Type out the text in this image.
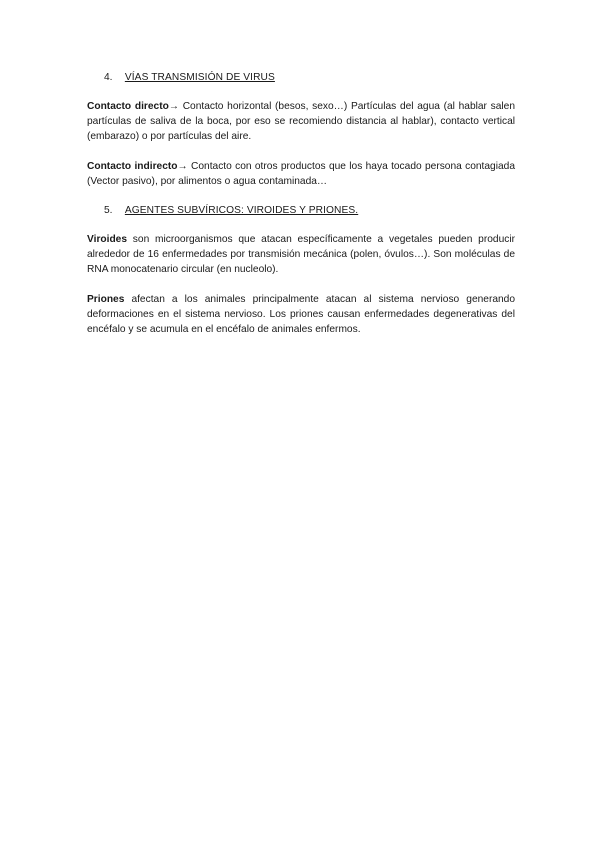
4. VÍAS TRANSMISIÓN DE VIRUS

Contacto directo→ Contacto horizontal (besos, sexo…) Partículas del agua (al hablar salen partículas de saliva de la boca, por eso se recomiendo distancia al hablar), contacto vertical (embarazo) o por partículas del aire.

Contacto indirecto→ Contacto con otros productos que los haya tocado persona contagiada (Vector pasivo), por alimentos o agua contaminada…

5. AGENTES SUBVÍRICOS: VIROIDES Y PRIONES.

Viroides son microorganismos que atacan específicamente a vegetales pueden producir alrededor de 16 enfermedades por transmisión mecánica (polen, óvulos…). Son moléculas de RNA monocatenario circular (en nucleolo).

Priones afectan a los animales principalmente atacan al sistema nervioso generando deformaciones en el sistema nervioso. Los priones causan enfermedades degenerativas del encéfalo y se acumula en el encéfalo de animales enfermos.
